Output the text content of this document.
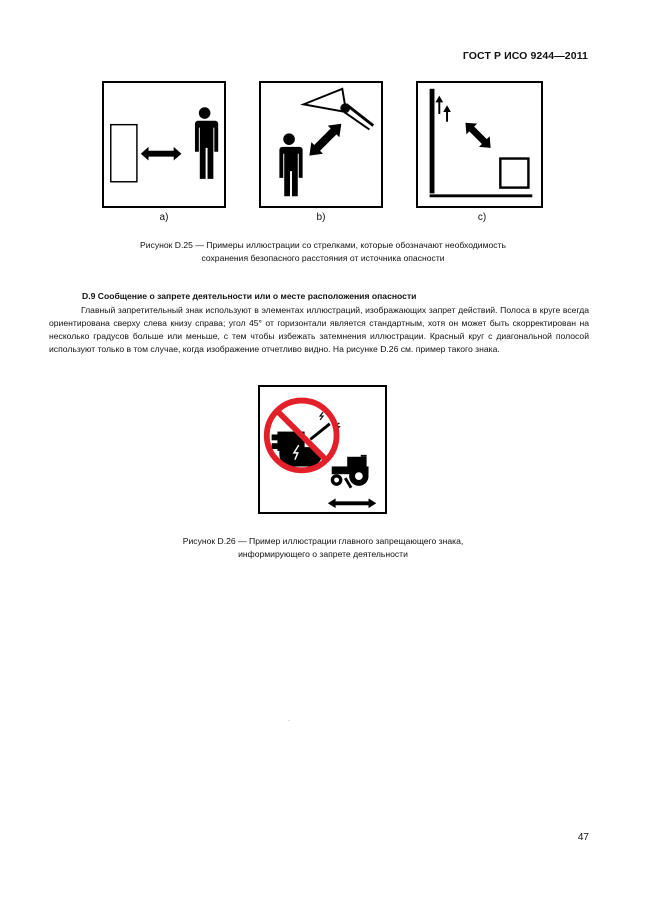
ГОСТ Р ИСО 9244—2011
a)	b)	c)
Рисунок D.25 — Примеры иллюстрации со стрелками, которые обозначают необходимость
сохранения безопасного расстояния от источника опасности
D.9 Сообщение о запрете деятельности или о месте расположения опасности
Главный запретительный знак используют в элементах иллюстраций, изображающих запрет действий. Полоса в круге всегда ориентирована сверху слева книзу справа; угол 45° от горизонтали является стандартным, хотя он может быть скорректирован на несколько градусов больше или меньше, с тем чтобы избежать затемнения иллюстрации. Красный круг с диагональной полосой используют только в том случае, когда изображение отчетливо видно. На рисунке D.26 см. пример такого знака.
Рисунок D.26 — Пример иллюстрации главного запрещающего знака,
информирующего о запрете деятельности
47
